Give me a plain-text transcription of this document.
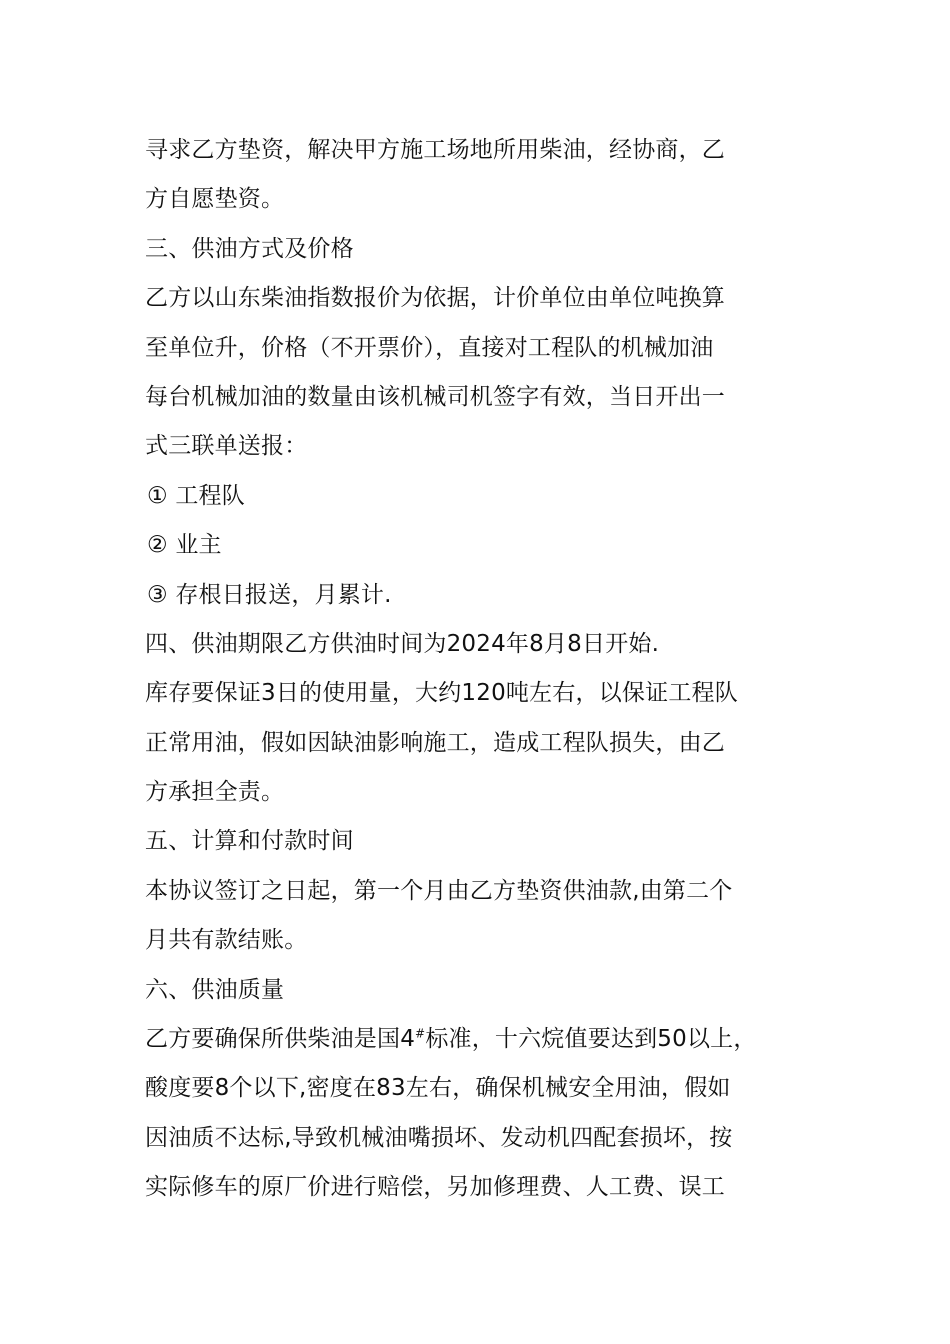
寻求乙方垫资，解决甲方施工场地所用柴油，经协商，乙
方自愿垫资。
三、供油方式及价格
乙方以山东柴油指数报价为依据，计价单位由单位吨换算
至单位升，价格（不开票价），直接对工程队的机械加油
每台机械加油的数量由该机械司机签字有效，当日开出一
式三联单送报：
① 工程队
② 业主
③ 存根日报送，月累计.
四、供油期限乙方供油时间为2024年8月8日开始.
库存要保证3日的使用量，大约120吨左右，以保证工程队
正常用油，假如因缺油影响施工，造成工程队损失，由乙
方承担全责。
五、计算和付款时间
本协议签订之日起，第一个月由乙方垫资供油款,由第二个
月共有款结账。
六、供油质量
乙方要确保所供柴油是国4#标准，十六烷值要达到50以上，
酸度要8个以下,密度在83左右，确保机械安全用油，假如
因油质不达标,导致机械油嘴损坏、发动机四配套损坏，按
实际修车的原厂价进行赔偿，另加修理费、人工费、误工
